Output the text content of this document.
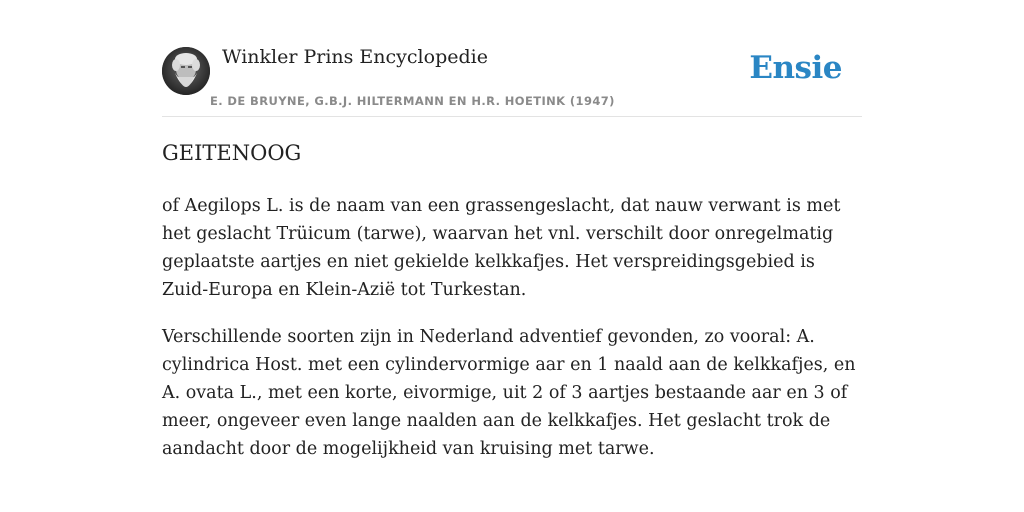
Winkler Prins Encyclopedie
E. DE BRUYNE, G.B.J. HILTERMANN EN H.R. HOETINK (1947)
Ensie
GEITENOOG

of Aegilops L. is de naam van een grassengeslacht, dat nauw verwant is met het geslacht Trüicum (tarwe), waarvan het vnl. verschilt door onregelmatig geplaatste aartjes en niet gekielde kelkkafjes. Het verspreidingsgebied is Zuid-Europa en Klein-Azië tot Turkestan.

Verschillende soorten zijn in Nederland adventief gevonden, zo vooral: A. cylindrica Host. met een cylindervormige aar en 1 naald aan de kelkkafjes, en A. ovata L., met een korte, eivormige, uit 2 of 3 aartjes bestaande aar en 3 of meer, ongeveer even lange naalden aan de kelkkafjes. Het geslacht trok de aandacht door de mogelijkheid van kruising met tarwe.
